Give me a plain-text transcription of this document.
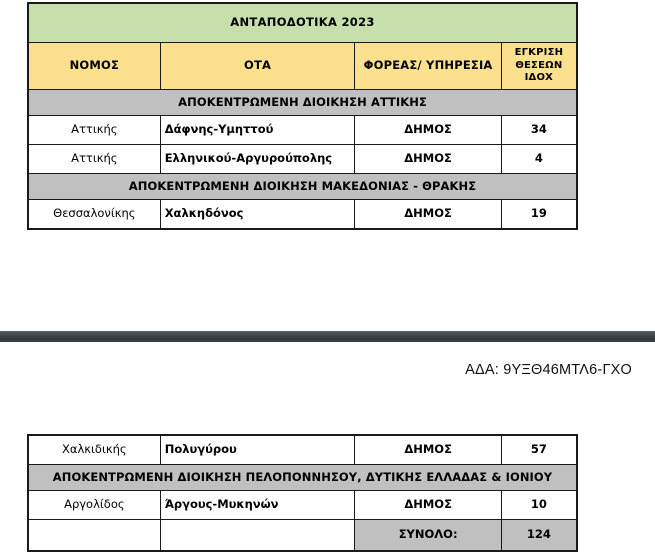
ΑΝΤΑΠΟΔΟΤΙΚΑ 2023			
ΝΟΜΟΣ	ΟΤΑ	ΦΟΡΕΑΣ/ ΥΠΗΡΕΣΙΑ	ΕΓΚΡΙΣΗ
ΘΕΣΕΩΝ
ΙΔΟΧ

ΑΠΟΚΕΝΤΡΩΜΕΝΗ ΔΙΟΙΚΗΣΗ ΑΤΤΙΚΗΣ			
Αττικής	Δάφνης-Υμηττού	ΔΗΜΟΣ	34
Αττικής	Ελληνικού-Αργυρούπολης	ΔΗΜΟΣ	4
ΑΠΟΚΕΝΤΡΩΜΕΝΗ ΔΙΟΙΚΗΣΗ ΜΑΚΕΔΟΝΙΑΣ - ΘΡΑΚΗΣ			
Θεσσαλονίκης	Χαλκηδόνος	ΔΗΜΟΣ	19
ΑΔΑ: 9ΥΞΘ46ΜΤΛ6-ΓΧΟ
Χαλκιδικής	Πολυγύρου	ΔΗΜΟΣ	57
ΑΠΟΚΕΝΤΡΩΜΕΝΗ ΔΙΟΙΚΗΣΗ ΠΕΛΟΠΟΝΝΗΣΟΥ, ΔΥΤΙΚΗΣ ΕΛΛΑΔΑΣ & ΙΟΝΙΟΥ			
Αργολίδος	Άργους-Μυκηνών	ΔΗΜΟΣ	10
		ΣΥΝΟΛΟ:	124
